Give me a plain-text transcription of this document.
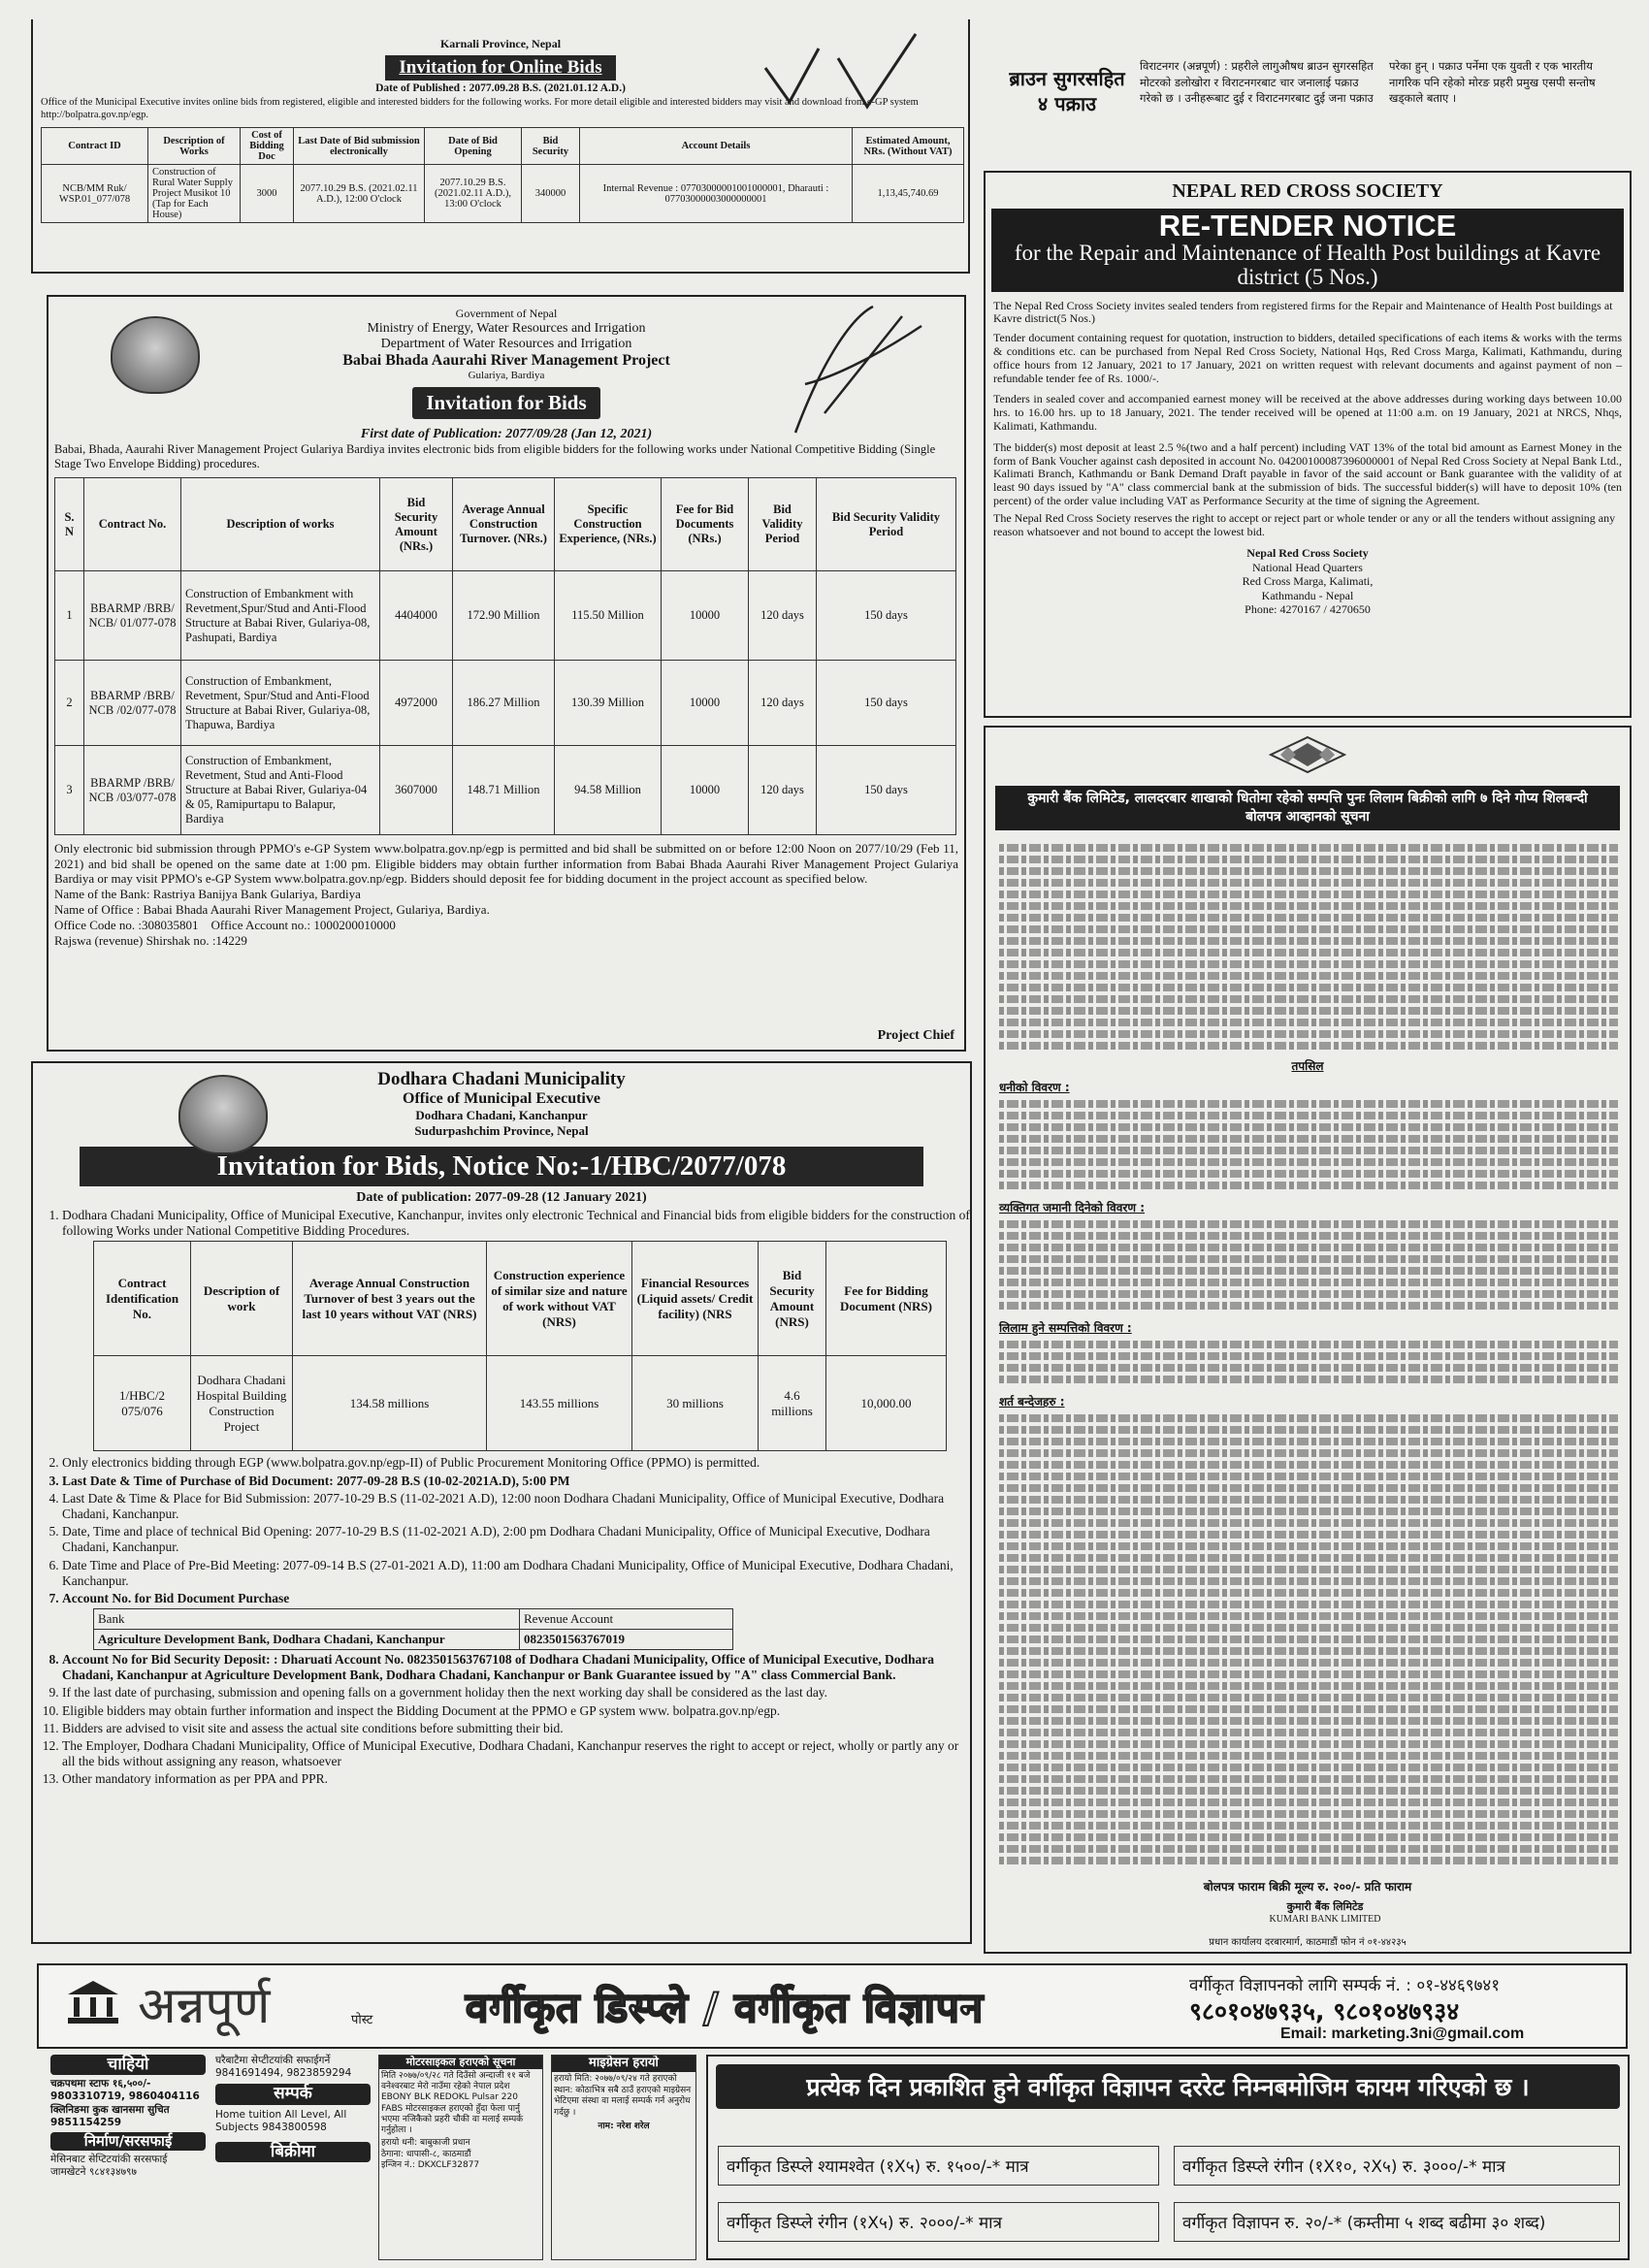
Karnali Province, Nepal
Invitation for Online Bids
Date of Published : 2077.09.28 B.S. (2021.01.12 A.D.)
Office of the Municipal Executive invites online bids from registered, eligible and interested bidders for the following works. For more detail eligible and interested bidders may visit and download from e-GP system http://bolpatra.gov.np/egp.
Contract ID	Description of Works	Cost of Bidding Doc	Last Date of Bid submission electronically	Date of Bid Opening	Bid Security	Account Details	Estimated Amount, NRs. (Without VAT)
NCB/MM Ruk/ WSP.01_077/078	Construction of Rural Water Supply Project Musikot 10 (Tap for Each House)	3000	2077.10.29 B.S. (2021.02.11 A.D.), 12:00 O'clock	2077.10.29 B.S. (2021.02.11 A.D.), 13:00 O'clock	340000	Internal Revenue : 07703000001001000001, Dharauti : 07703000003000000001	1,13,45,740.69
Government of Nepal
Ministry of Energy, Water Resources and Irrigation
Department of Water Resources and Irrigation
Babai Bhada Aaurahi River Management Project
Gulariya, Bardiya
Invitation for Bids
First date of Publication: 2077/09/28 (Jan 12, 2021)
Babai, Bhada, Aaurahi River Management Project Gulariya Bardiya invites electronic bids from eligible bidders for the following works under National Competitive Bidding (Single Stage Two Envelope Bidding) procedures.
S. N	Contract No.	Description of works	Bid Security Amount (NRs.)	Average Annual Construction Turnover. (NRs.)	Specific Construction Experience, (NRs.)	Fee for Bid Documents (NRs.)	Bid Validity Period	Bid Security Validity Period
1	BBARMP /BRB/ NCB/ 01/077-078	Construction of Embankment with Revetment,Spur/Stud and Anti-Flood Structure at Babai River, Gulariya-08, Pashupati, Bardiya	4404000	172.90 Million	115.50 Million	10000	120 days	150 days
2	BBARMP /BRB/ NCB /02/077-078	Construction of Embankment, Revetment, Spur/Stud and Anti-Flood Structure at Babai River, Gulariya-08, Thapuwa, Bardiya	4972000	186.27 Million	130.39 Million	10000	120 days	150 days
3	BBARMP /BRB/ NCB /03/077-078	Construction of Embankment, Revetment, Stud and Anti-Flood Structure at Babai River, Gulariya-04 & 05, Ramipurtapu to Balapur, Bardiya	3607000	148.71 Million	94.58 Million	10000	120 days	150 days
Only electronic bid submission through PPMO's e-GP System www.bolpatra.gov.np/egp is permitted and bid shall be submitted on or before 12:00 Noon on 2077/10/29 (Feb 11, 2021) and bid shall be opened on the same date at 1:00 pm. Eligible bidders may obtain further information from Babai Bhada Aaurahi River Management Project Gulariya Bardiya or may visit PPMO's e-GP System www.bolpatra.gov.np/egp. Bidders should deposit fee for bidding document in the project account as specified below.
Name of the Bank: Rastriya Banijya Bank Gulariya, Bardiya
Name of Office : Babai Bhada Aaurahi River Management Project, Gulariya, Bardiya.
Office Code no. :308035801    Office Account no.: 1000200010000
Rajswa (revenue) Shirshak no. :14229
Project Chief
Dodhara Chadani Municipality
Office of Municipal Executive
Dodhara Chadani, Kanchanpur
Sudurpashchim Province, Nepal
Invitation for Bids, Notice No:-1/HBC/2077/078
Date of publication: 2077-09-28 (12 January 2021)
1. Dodhara Chadani Municipality, Office of Municipal Executive, Kanchanpur, invites only electronic Technical and Financial bids from eligible bidders for the construction of following Works under National Competitive Bidding Procedures.
Contract Identification No.	Description of work	Average Annual Construction Turnover of best 3 years out the last 10 years without VAT (NRS)	Construction experience of similar size and nature of work without VAT (NRS)	Financial Resources (Liquid assets/ Credit facility) (NRS	Bid Security Amount (NRS)	Fee for Bidding Document (NRS)
1/HBC/2 075/076	Dodhara Chadani Hospital Building Construction Project	134.58 millions	143.55 millions	30 millions	4.6 millions	10,000.00
2. Only electronics bidding through EGP (www.bolpatra.gov.np/egp-II) of Public Procurement Monitoring Office (PPMO) is permitted.
3. Last Date & Time of Purchase of Bid Document: 2077-09-28 B.S (10-02-2021A.D), 5:00 PM
4. Last Date & Time & Place for Bid Submission: 2077-10-29 B.S (11-02-2021 A.D), 12:00 noon Dodhara Chadani Municipality, Office of Municipal Executive, Dodhara Chadani, Kanchanpur.
5. Date, Time and place of technical Bid Opening: 2077-10-29 B.S (11-02-2021 A.D), 2:00 pm Dodhara Chadani Municipality, Office of Municipal Executive, Dodhara Chadani, Kanchanpur.
6. Date Time and Place of Pre-Bid Meeting: 2077-09-14 B.S (27-01-2021 A.D), 11:00 am Dodhara Chadani Municipality, Office of Municipal Executive, Dodhara Chadani, Kanchanpur.
7. Account No. for Bid Document Purchase
Bank	Revenue Account
Agriculture Development Bank, Dodhara Chadani, Kanchanpur	0823501563767019
8. Account No for Bid Security Deposit: : Dharuati Account No. 0823501563767108 of Dodhara Chadani Municipality, Office of Municipal Executive, Dodhara Chadani, Kanchanpur at Agriculture Development Bank, Dodhara Chadani, Kanchanpur or Bank Guarantee issued by "A" class Commercial Bank.
9. If the last date of purchasing, submission and opening falls on a government holiday then the next working day shall be considered as the last day.
10. Eligible bidders may obtain further information and inspect the Bidding Document at the PPMO e GP system www. bolpatra.gov.np/egp.
11. Bidders are advised to visit site and assess the actual site conditions before submitting their bid.
12. The Employer, Dodhara Chadani Municipality, Office of Municipal Executive, Dodhara Chadani, Kanchanpur reserves the right to accept or reject, wholly or partly any or all the bids without assigning any reason, whatsoever
13. Other mandatory information as per PPA and PPR.
ब्राउन सुगरसहित ४ पक्राउ
विराटनगर (अन्नपूर्ण) : प्रहरीले लागुऔषध ब्राउन सुगरसहित मोटरको डलोखोरा र विराटनगरबाट चार जनालाई पक्राउ गरेको छ । उनीहरूबाट दुई र विराटनगरबाट दुई जना पक्राउ परेका हुन् । पक्राउ पर्नेमा एक युवती र एक भारतीय नागरिक पनि रहेको मोरङ प्रहरी प्रमुख एसपी सन्तोष खड्काले बताए ।
NEPAL RED CROSS SOCIETY
RE-TENDER NOTICE
for the Repair and Maintenance of Health Post buildings at Kavre district (5 Nos.)
The Nepal Red Cross Society invites sealed tenders from registered firms for the Repair and Maintenance of Health Post buildings at Kavre district(5 Nos.)
Tender document containing request for quotation, instruction to bidders, detailed specifications of each items & works with the terms & conditions etc. can be purchased from Nepal Red Cross Society, National Hqs, Red Cross Marga, Kalimati, Kathmandu, during office hours from 12 January, 2021 to 17 January, 2021 on written request with relevant documents and against payment of non – refundable tender fee of Rs. 1000/-.
Tenders in sealed cover and accompanied earnest money will be received at the above addresses during working days between 10.00 hrs. to 16.00 hrs. up to 18 January, 2021. The tender received will be opened at 11:00 a.m. on 19 January, 2021 at NRCS, Nhqs, Kalimati, Kathmandu.
The bidder(s) most deposit at least 2.5 %(two and a half percent) including VAT 13% of the total bid amount as Earnest Money in the form of Bank Voucher against cash deposited in account No. 04200100087396000001 of Nepal Red Cross Society at Nepal Bank Ltd., Kalimati Branch, Kathmandu or Bank Demand Draft payable in favor of the said account or Bank guarantee with the validity of at least 90 days issued by "A" class commercial bank at the submission of bids. The successful bidder(s) will have to deposit 10% (ten percent) of the order value including VAT as Performance Security at the time of signing the Agreement.
The Nepal Red Cross Society reserves the right to accept or reject part or whole tender or any or all the tenders without assigning any reason whatsoever and not bound to accept the lowest bid.
Nepal Red Cross Society
National Head Quarters
Red Cross Marga, Kalimati,
Kathmandu - Nepal
Phone: 4270167 / 4270650
कुमारी बैंक लिमिटेड, लालदरबार शाखाको धितोमा रहेको सम्पत्ति पुनः लिलाम बिक्रीको लागि ७ दिने गोप्य शिलबन्दी बोलपत्र आव्हानको सूचना
तपसिल
धनीको विवरण :
व्यक्तिगत जमानी दिनेको विवरण :
लिलाम हुने सम्पत्तिको विवरण :
शर्त बन्देजहरु :
बोलपत्र फाराम बिक्री मूल्य रु. २००/- प्रति फाराम
कुमारी बैंक लिमिटेड
KUMARI BANK LIMITED
प्रधान कार्यालय दरबारमार्ग, काठमाडौं फोन नं ०१-४४२३५
अन्नपूर्ण	पोस्ट वर्गीकृत डिस्प्ले / वर्गीकृत विज्ञापन	वर्गीकृत विज्ञापनको लागि सम्पर्क नं. : ०१-४४६९७४१
९८०१०४७९३५, ९८०१०४७९३४
Email: marketing.3ni@gmail.com
चाहियो
चक्रपथमा स्टाफ १६,५००/- 9803310719, 9860404116 क्लिनिङमा कुक खानसमा सुचित 9851154259
निर्माण/सरसफाई
मेसिनबाट सेप्टिटयांकी सरसफाई जामखेटने ९८४१३४७९७
घरैबाटैमा सेप्टीटयांकी सफाईगर्ने 9841691494, 9823859294
सम्पर्क
Home tuition All Level, All Subjects 9843800598
बिक्रीमा
मोटरसाइकल हराएको सूचना
मिति २०७७/०९/२८ गते दिउँसो अन्दाजी ११ बजे वनेश्वरबाट मेरो नाउँमा रहेको नेपाल प्रदेश EBONY BLK REDOKL Pulsar 220 FABS मोटरसाइकल हराएको हुँदा फेला पार्नु भएमा नजिकैको प्रहरी चौकी वा मलाई सम्पर्क गर्नुहोला ।
हरायो धनी: बाबुकाजी प्रधान
ठेगाना: धापासी-८, काठमाडौं
इन्जिन नं.: DKXCLF32877
माइग्रेसन हरायो
हरायो मिति: २०७७/०९/२४ गते हराएको स्थान: कोठाभित्र सबै ठाउँ हराएको माइग्रेसन भेटिएमा संस्था वा मलाई सम्पर्क गर्न अनुरोध गर्दछु ।
नाम: नरेश शरेल
प्रत्येक दिन प्रकाशित हुने वर्गीकृत विज्ञापन दररेट निम्नबमोजिम कायम गरिएको छ ।
वर्गीकृत डिस्प्ले श्यामश्वेत (१X५) रु. १५००/-* मात्र	वर्गीकृत डिस्प्ले रंगीन (१X१०, २X५) रु. ३०००/-* मात्र
वर्गीकृत डिस्प्ले रंगीन (१X५) रु. २०००/-* मात्र	वर्गीकृत विज्ञापन रु. २०/-* (कम्तीमा ५ शब्द बढीमा ३० शब्द)
